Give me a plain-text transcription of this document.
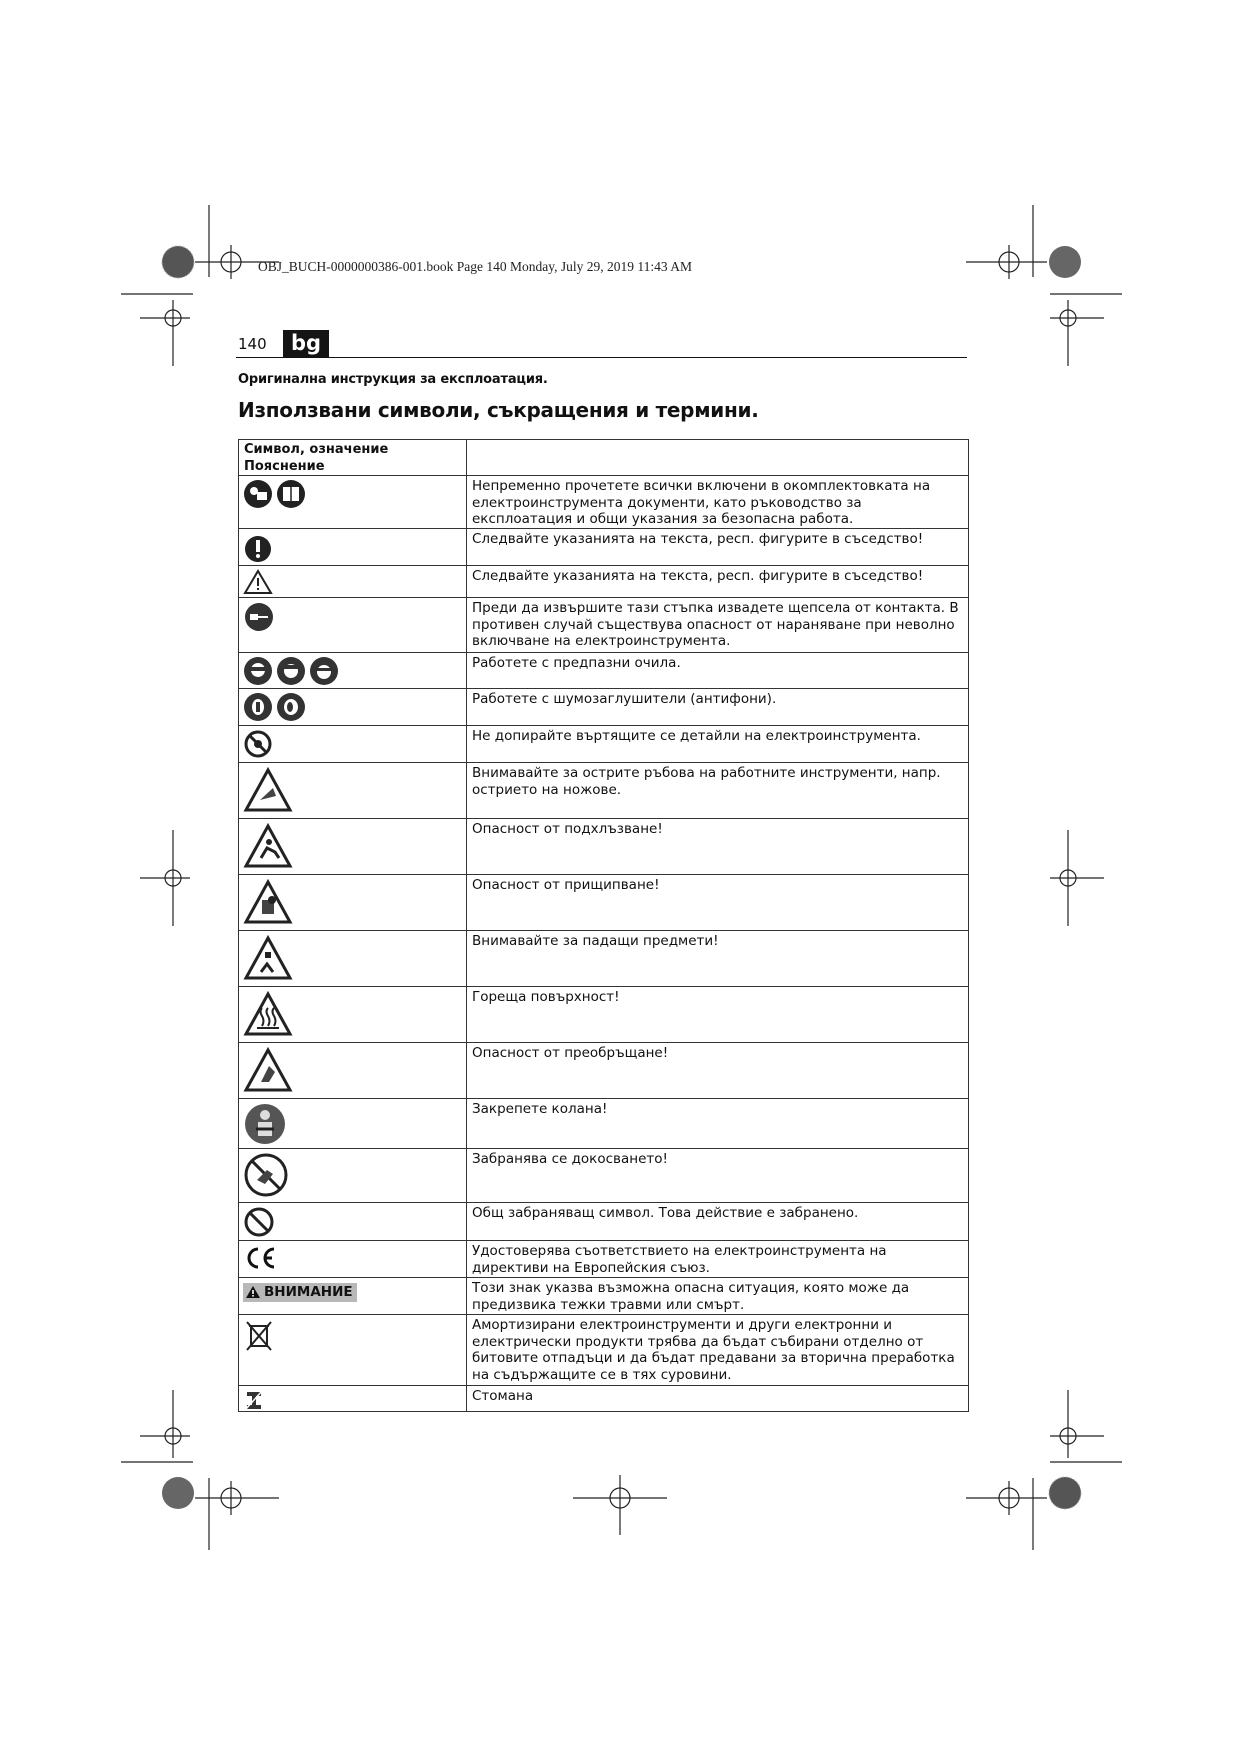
OBJ_BUCH-0000000386-001.book Page 140 Monday, July 29, 2019 11:43 AM
140	bg
Оригинална инструкция за експлоатация.
Използвани символи, съкращения и термини.
Символ, означение Пояснение	

	Непременно прочетете всички включени в окомплектовката на електроинструмента документи, като ръководство за експлоатация и общи указания за безопасна работа.

	Следвайте указанията на текста, респ. фигурите в съседство!

	Следвайте указанията на текста, респ. фигурите в съседство!

	Преди да извършите тази стъпка извадете щепсела от контакта. В противен случай съществува опасност от нараняване при неволно включване на електроинструмента.

	Работете с предпазни очила.

	Работете с шумозаглушители (антифони).

	Не допирайте въртящите се детайли на електроинструмента.

	Внимавайте за острите ръбова на работните инструменти, напр. острието на ножове.

	Опасност от подхлъзване!

	Опасност от прищипване!

	Внимавайте за падащи предмети!

	Гореща повърхност!

	Опасност от преобръщане!

	Закрепете колана!

	Забранява се докосването!

	Общ забраняващ символ. Това действие е забранено.

	Удостоверява съответствието на електроинструмента на директиви на Европейския съюз.

ВНИМАНИЕ	Този знак указва възможна опасна ситуация, която може да предизвика тежки травми или смърт.

	Амортизирани електроинструменти и други електронни и електрически продукти трябва да бъдат събирани отделно от битовите отпадъци и да бъдат предавани за вторична преработка на съдържащите се в тях суровини.

	Стомана
